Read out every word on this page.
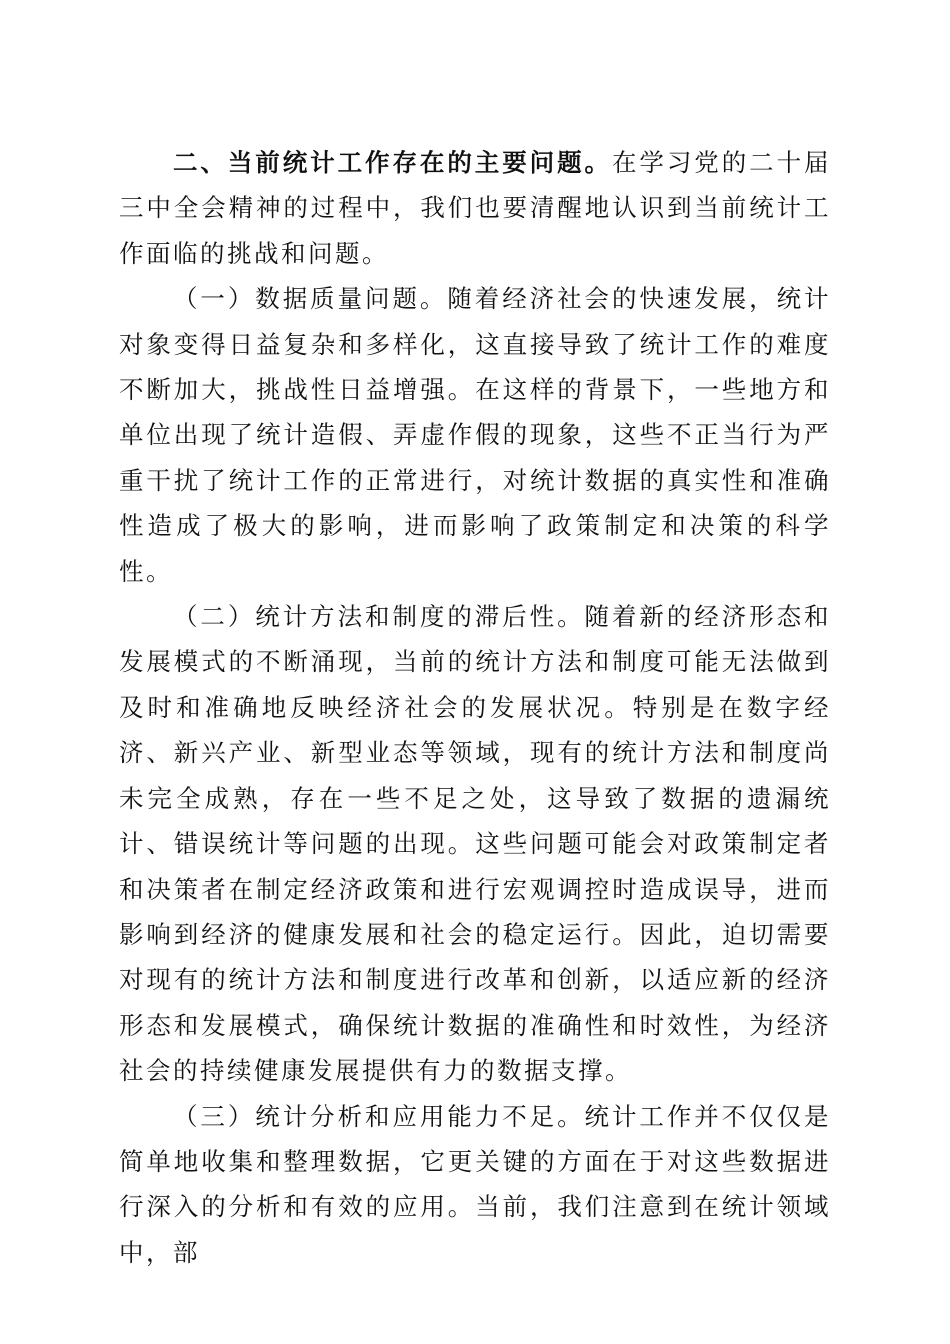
二、当前统计工作存在的主要问题。在学习党的二十届三中全会精神的过程中，我们也要清醒地认识到当前统计工作面临的挑战和问题。

（一）数据质量问题。随着经济社会的快速发展，统计对象变得日益复杂和多样化，这直接导致了统计工作的难度不断加大，挑战性日益增强。在这样的背景下，一些地方和单位出现了统计造假、弄虚作假的现象，这些不正当行为严重干扰了统计工作的正常进行，对统计数据的真实性和准确性造成了极大的影响，进而影响了政策制定和决策的科学性。

（二）统计方法和制度的滞后性。随着新的经济形态和发展模式的不断涌现，当前的统计方法和制度可能无法做到及时和准确地反映经济社会的发展状况。特别是在数字经济、新兴产业、新型业态等领域，现有的统计方法和制度尚未完全成熟，存在一些不足之处，这导致了数据的遗漏统计、错误统计等问题的出现。这些问题可能会对政策制定者和决策者在制定经济政策和进行宏观调控时造成误导，进而影响到经济的健康发展和社会的稳定运行。因此，迫切需要对现有的统计方法和制度进行改革和创新，以适应新的经济形态和发展模式，确保统计数据的准确性和时效性，为经济社会的持续健康发展提供有力的数据支撑。

（三）统计分析和应用能力不足。统计工作并不仅仅是简单地收集和整理数据，它更关键的方面在于对这些数据进行深入的分析和有效的应用。当前，我们注意到在统计领域中，部
